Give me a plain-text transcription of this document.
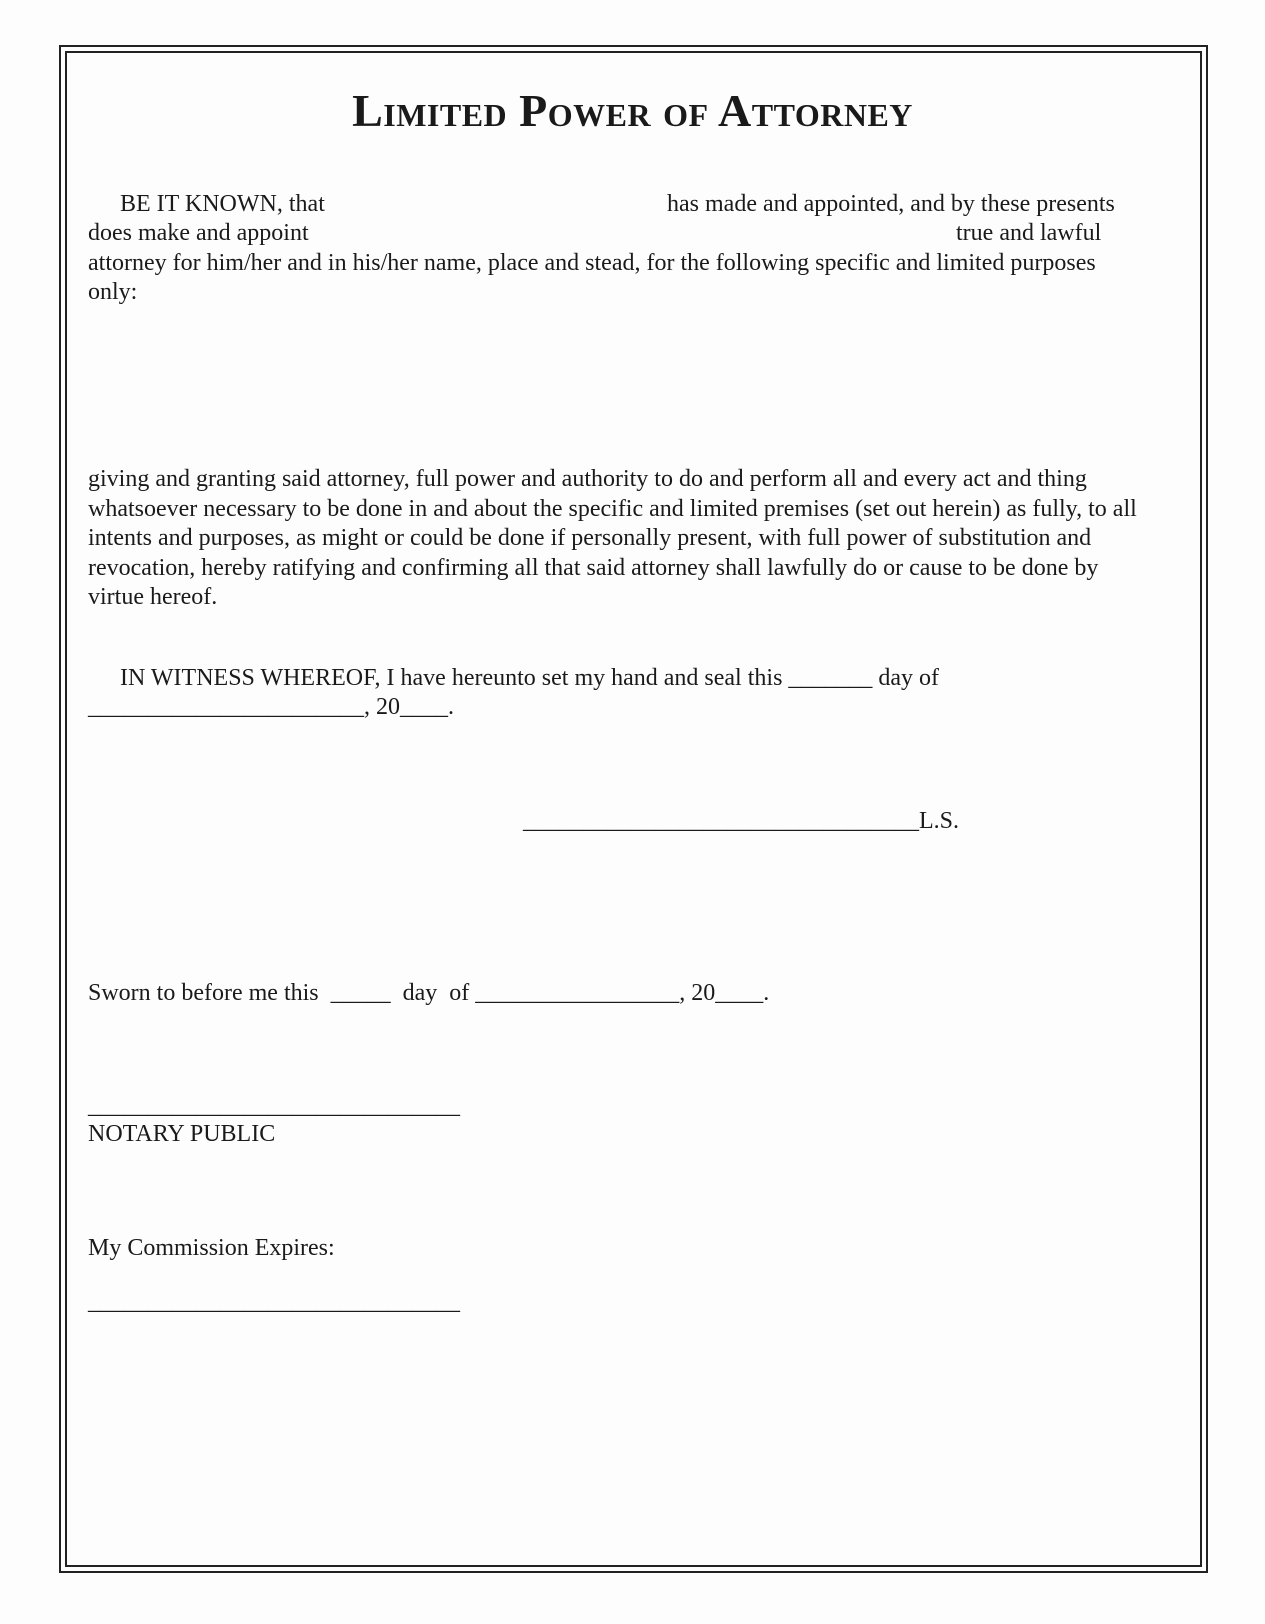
Limited Power of Attorney
BE IT KNOWN, that	has made and appointed, and by these presents
does make and appoint	true and lawful
attorney for him/her and in his/her name, place and stead, for the following specific and limited purposes
only:
giving and granting said attorney, full power and authority to do and perform all and every act and thing whatsoever necessary to be done in and about the specific and limited premises (set out herein) as fully, to all intents and purposes, as might or could be done if personally present, with full power of substitution and revocation, hereby ratifying and confirming all that said attorney shall lawfully do or cause to be done by virtue hereof.
IN WITNESS WHEREOF, I have hereunto set my hand and seal this _______ day of
_______________________, 20____.
_________________________________L.S.
Sworn to before me this  _____  day  of _________________, 20____.
_______________________________
NOTARY PUBLIC
My Commission Expires:
_______________________________
